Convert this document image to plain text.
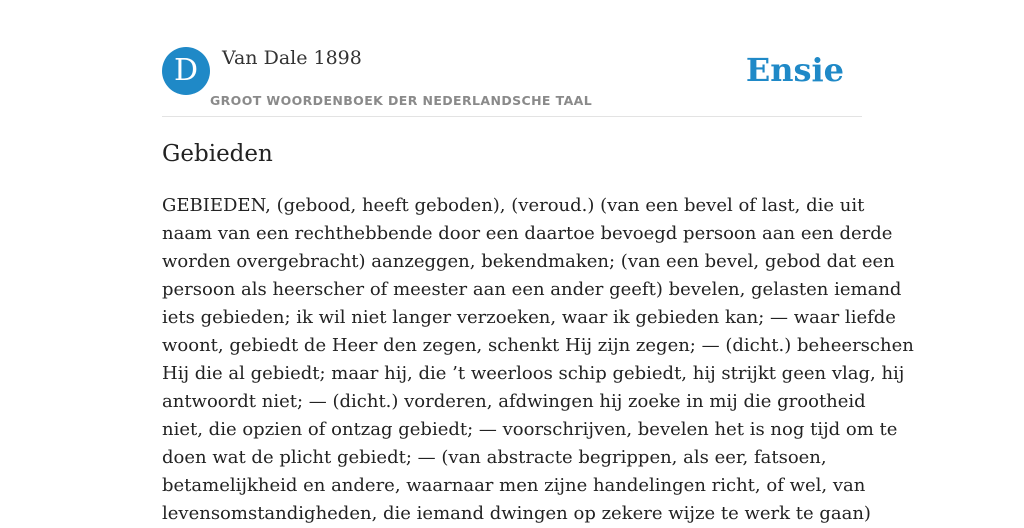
D	Van Dale 1898
GROOT WOORDENBOEK DER NEDERLANDSCHE TAAL
Ensie
Gebieden

GEBIEDEN, (gebood, heeft geboden), (veroud.) (van een bevel of last, die uit
naam van een rechthebbende door een daartoe bevoegd persoon aan een derde
worden overgebracht) aanzeggen, bekendmaken; (van een bevel, gebod dat een
persoon als heerscher of meester aan een ander geeft) bevelen, gelasten iemand
iets gebieden; ik wil niet langer verzoeken, waar ik gebieden kan; — waar liefde
woont, gebiedt de Heer den zegen, schenkt Hij zijn zegen; — (dicht.) beheerschen
Hij die al gebiedt; maar hij, die ’t weerloos schip gebiedt, hij strijkt geen vlag, hij
antwoordt niet; — (dicht.) vorderen, afdwingen hij zoeke in mij die grootheid
niet, die opzien of ontzag gebiedt; — voorschrijven, bevelen het is nog tijd om te
doen wat de plicht gebiedt; — (van abstracte begrippen, als eer, fatsoen,
betamelijkheid en andere, waarnaar men zijne handelingen richt, of wel, van
levensomstandigheden, die iemand dwingen op zekere wijze te werk te gaan)
